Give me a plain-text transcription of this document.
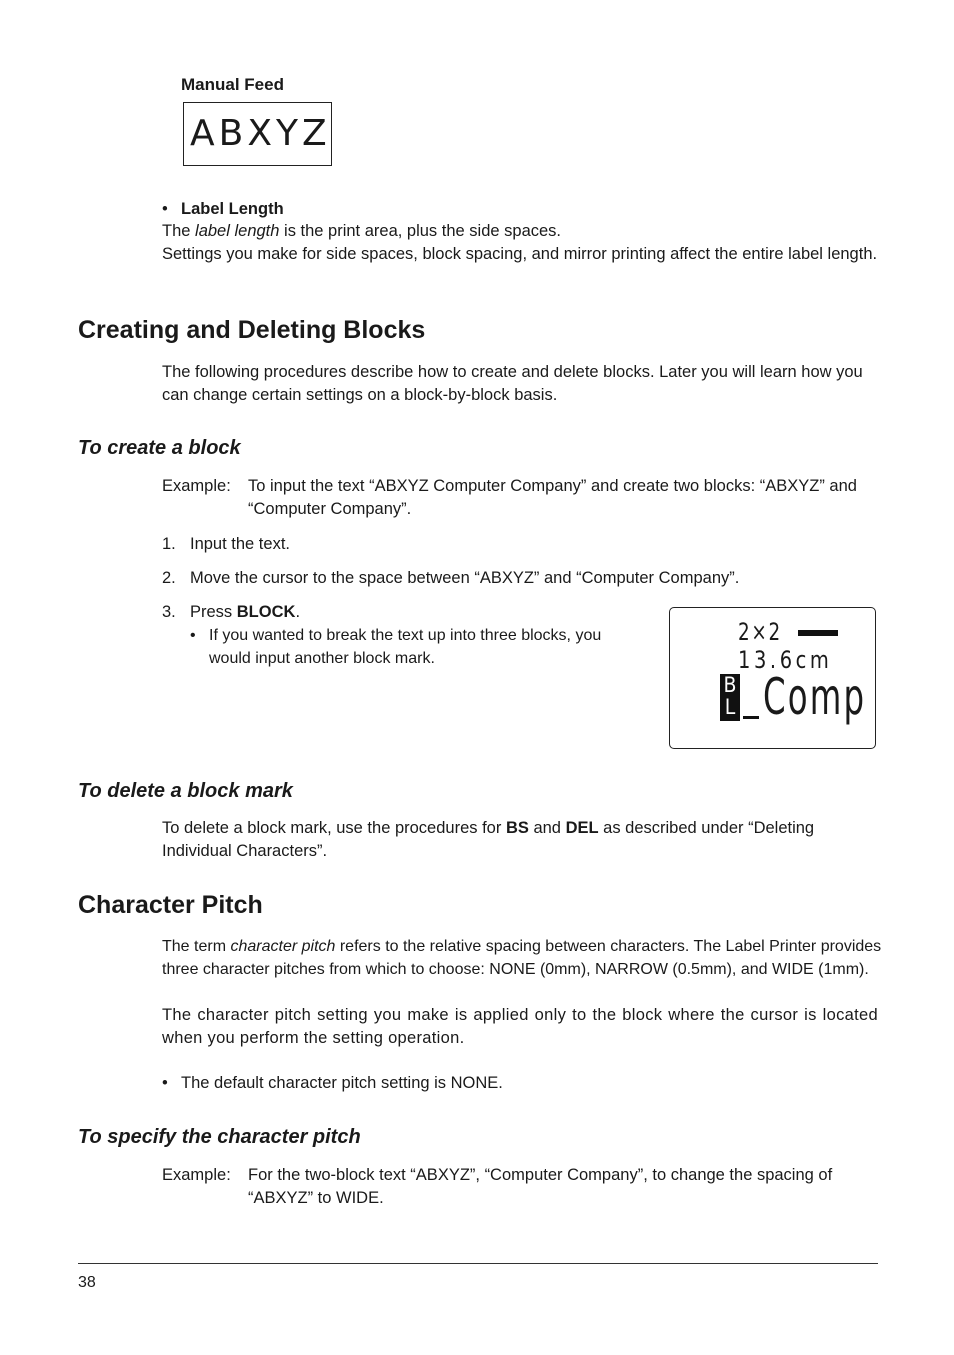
Manual Feed
ABXYZ
• Label Length
The label length is the print area, plus the side spaces.
Settings you make for side spaces, block spacing, and mirror printing affect the entire label length.
Creating and Deleting Blocks
The following procedures describe how to create and delete blocks. Later you will learn how you can change certain settings on a block-by-block basis.
To create a block
Example: To input the text “ABXYZ Computer Company” and create two blocks: “ABXYZ” and “Computer Company”.
1. Input the text.
2. Move the cursor to the space between “ABXYZ” and “Computer Company”.
3. Press BLOCK.
• If you wanted to break the text up into three blocks, you would input another block mark.
2×2
13.6cm
B
L Comp
To delete a block mark
To delete a block mark, use the procedures for BS and DEL as described under “Deleting Individual Characters”.
Character Pitch
The term character pitch refers to the relative spacing between characters. The Label Printer provides three character pitches from which to choose: NONE (0mm), NARROW (0.5mm), and WIDE (1mm).
The character pitch setting you make is applied only to the block where the cursor is located when you perform the setting operation.
• The default character pitch setting is NONE.
To specify the character pitch
Example: For the two-block text “ABXYZ”, “Computer Company”, to change the spacing of “ABXYZ” to WIDE.
38
